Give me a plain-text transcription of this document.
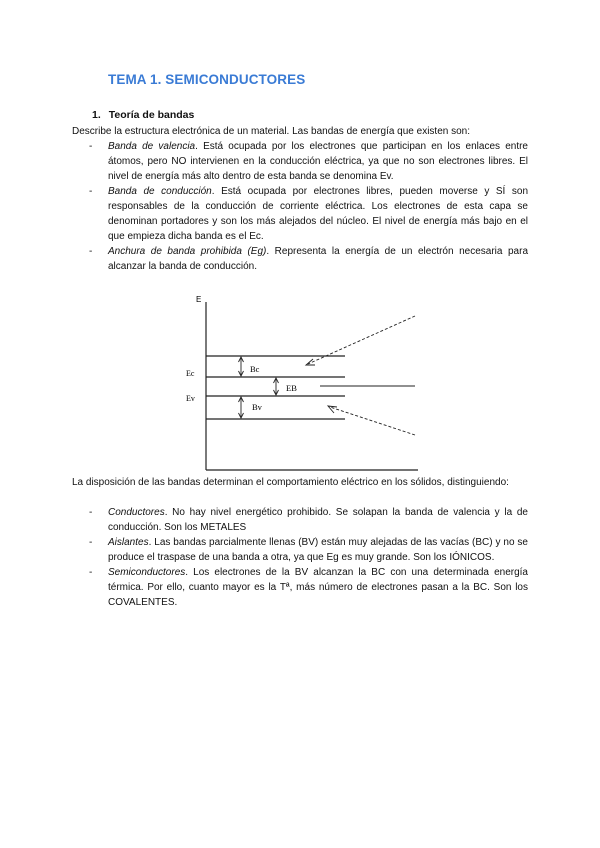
TEMA 1. SEMICONDUCTORES
1. Teoría de bandas
Describe la estructura electrónica de un material. Las bandas de energía que existen son:
- Banda de valencia. Está ocupada por los electrones que participan en los enlaces entre átomos, pero NO intervienen en la conducción eléctrica, ya que no son electrones libres. El nivel de energía más alto dentro de esta banda se denomina Ev.
- Banda de conducción. Está ocupada por electrones libres, pueden moverse y SÍ son responsables de la conducción de corriente eléctrica. Los electrones de esta capa se denominan portadores y son los más alejados del núcleo. El nivel de energía más bajo en el que empieza dicha banda es el Ec.
- Anchura de banda prohibida (Eg). Representa la energía de un electrón necesaria para alcanzar la banda de conducción.
E
Ec
Ev
Bc
EB
Bv
La disposición de las bandas determinan el comportamiento eléctrico en los sólidos, distinguiendo:
- Conductores. No hay nivel energético prohibido. Se solapan la banda de valencia y la de conducción. Son los METALES
- Aislantes. Las bandas parcialmente llenas (BV) están muy alejadas de las vacías (BC) y no se produce el traspase de una banda a otra, ya que Eg es muy grande. Son los IÓNICOS.
- Semiconductores. Los electrones de la BV alcanzan la BC con una determinada energía térmica. Por ello, cuanto mayor es la Tª, más número de electrones pasan a la BC. Son los COVALENTES.
